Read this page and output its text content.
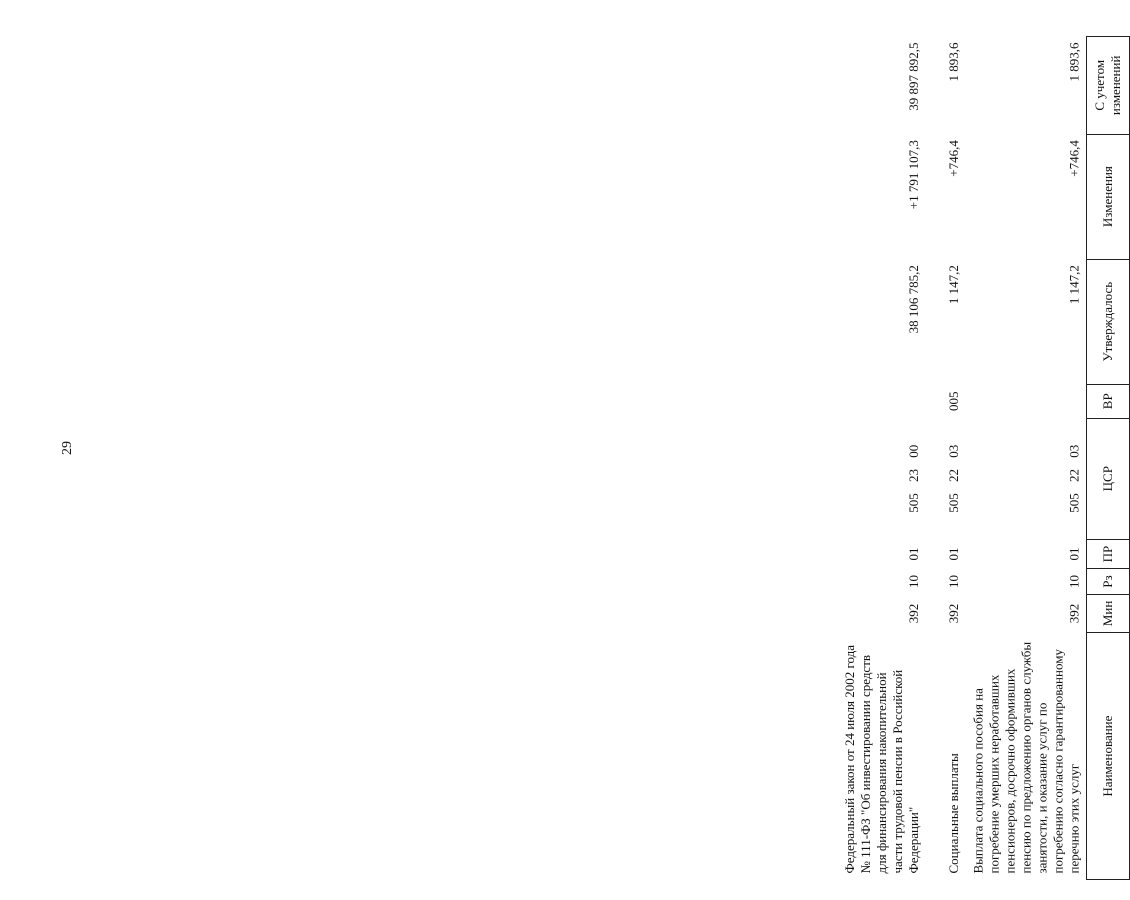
29
Наименование	Мин	Рз	ПР	ЦСР	ВР	Утверждалось	Изменения	С учетом изменений
Выплата социального пособия на погребение умерших неработавших пенсионеров, досрочно оформивших пенсию по предложению органов службы занятости, и оказание услуг по погребению согласно гарантированному перечню этих услуг	392	10	01	505 22 03		1 147,2	+746,4	1 893,6
Социальные выплаты	392	10	01	505 22 03	005	1 147,2	+746,4	1 893,6
Федеральный закон от 24 июля 2002 года № 111-ФЗ "Об инвестировании средств для финансирования накопительной части трудовой пенсии в Российской Федерации"	392	10	01	505 23 00		38 106 785,2	+1 791 107,3	39 897 892,5
